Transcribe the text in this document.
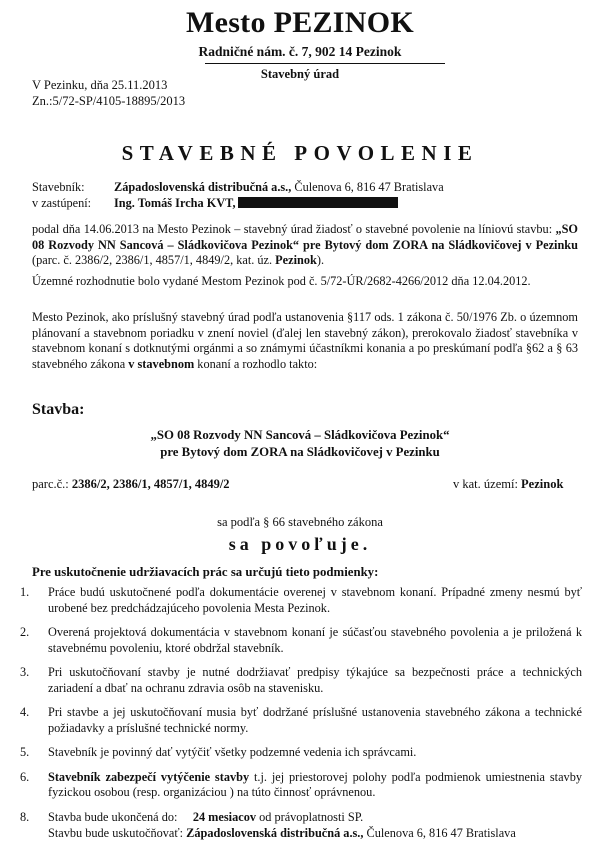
Mesto PEZINOK
Radničné nám. č. 7, 902 14 Pezinok
Stavebný úrad
V Pezinku, dňa 25.11.2013
Zn.:5/72-SP/4105-18895/2013
STAVEBNÉ POVOLENIE
Stavebník: Západoslovenská distribučná a.s., Čulenova 6, 816 47 Bratislava
v zastúpení: Ing. Tomáš Ircha KVT,

podal dňa 14.06.2013 na Mesto Pezinok – stavebný úrad žiadosť o stavebné povolenie na líniovú stavbu: „SO 08 Rozvody NN Sancová – Sládkovičova Pezinok“ pre Bytový dom ZORA na Sládkovičovej v Pezinku (parc. č. 2386/2, 2386/1, 4857/1, 4849/2, kat. úz. Pezinok).

Územné rozhodnutie bolo vydané Mestom Pezinok pod č. 5/72-ÚR/2682-4266/2012 dňa 12.04.2012.

Mesto Pezinok, ako príslušný stavebný úrad podľa ustanovenia §117 ods. 1 zákona č. 50/1976 Zb. o územnom plánovaní a stavebnom poriadku v znení noviel (ďalej len stavebný zákon), prerokovalo žiadosť stavebníka v stavebnom konaní s dotknutými orgánmi a so známymi účastníkmi konania a po preskúmaní podľa §62 a § 63 stavebného zákona v stavebnom konaní a rozhodlo takto:

Stavba:
„SO 08 Rozvody NN Sancová – Sládkovičova Pezinok“
pre Bytový dom ZORA na Sládkovičovej v Pezinku
parc.č.: 2386/2, 2386/1, 4857/1, 4849/2	v kat. území: Pezinok
sa podľa § 66 stavebného zákona
sa povoľuje.
Pre uskutočnenie udržiavacích prác sa určujú tieto podmienky:
1.	Práce budú uskutočnené podľa dokumentácie overenej v stavebnom konaní. Prípadné zmeny nesmú byť urobené bez predchádzajúceho povolenia Mesta Pezinok.
2.	Overená projektová dokumentácia v stavebnom konaní je súčasťou stavebného povolenia a je priložená k stavebnému povoleniu, ktoré obdržal stavebník.
3.	Pri uskutočňovaní stavby je nutné dodržiavať predpisy týkajúce sa bezpečnosti práce a technických zariadení a dbať na ochranu zdravia osôb na stavenisku.
4.	Pri stavbe a jej uskutočňovaní musia byť dodržané príslušné ustanovenia stavebného zákona a technické požiadavky a príslušné technické normy.
5.	Stavebník je povinný dať vytýčiť všetky podzemné vedenia ich správcami.
6.	Stavebník zabezpečí vytýčenie stavby t.j. jej priestorovej polohy podľa podmienok umiestnenia stavby fyzickou osobou (resp. organizáciou ) na túto činnosť oprávnenou.
8.	Stavba bude ukončená do: 24 mesiacov od právoplatnosti SP.
Stavbu bude uskutočňovať: Západoslovenská distribučná a.s., Čulenova 6, 816 47 Bratislava
